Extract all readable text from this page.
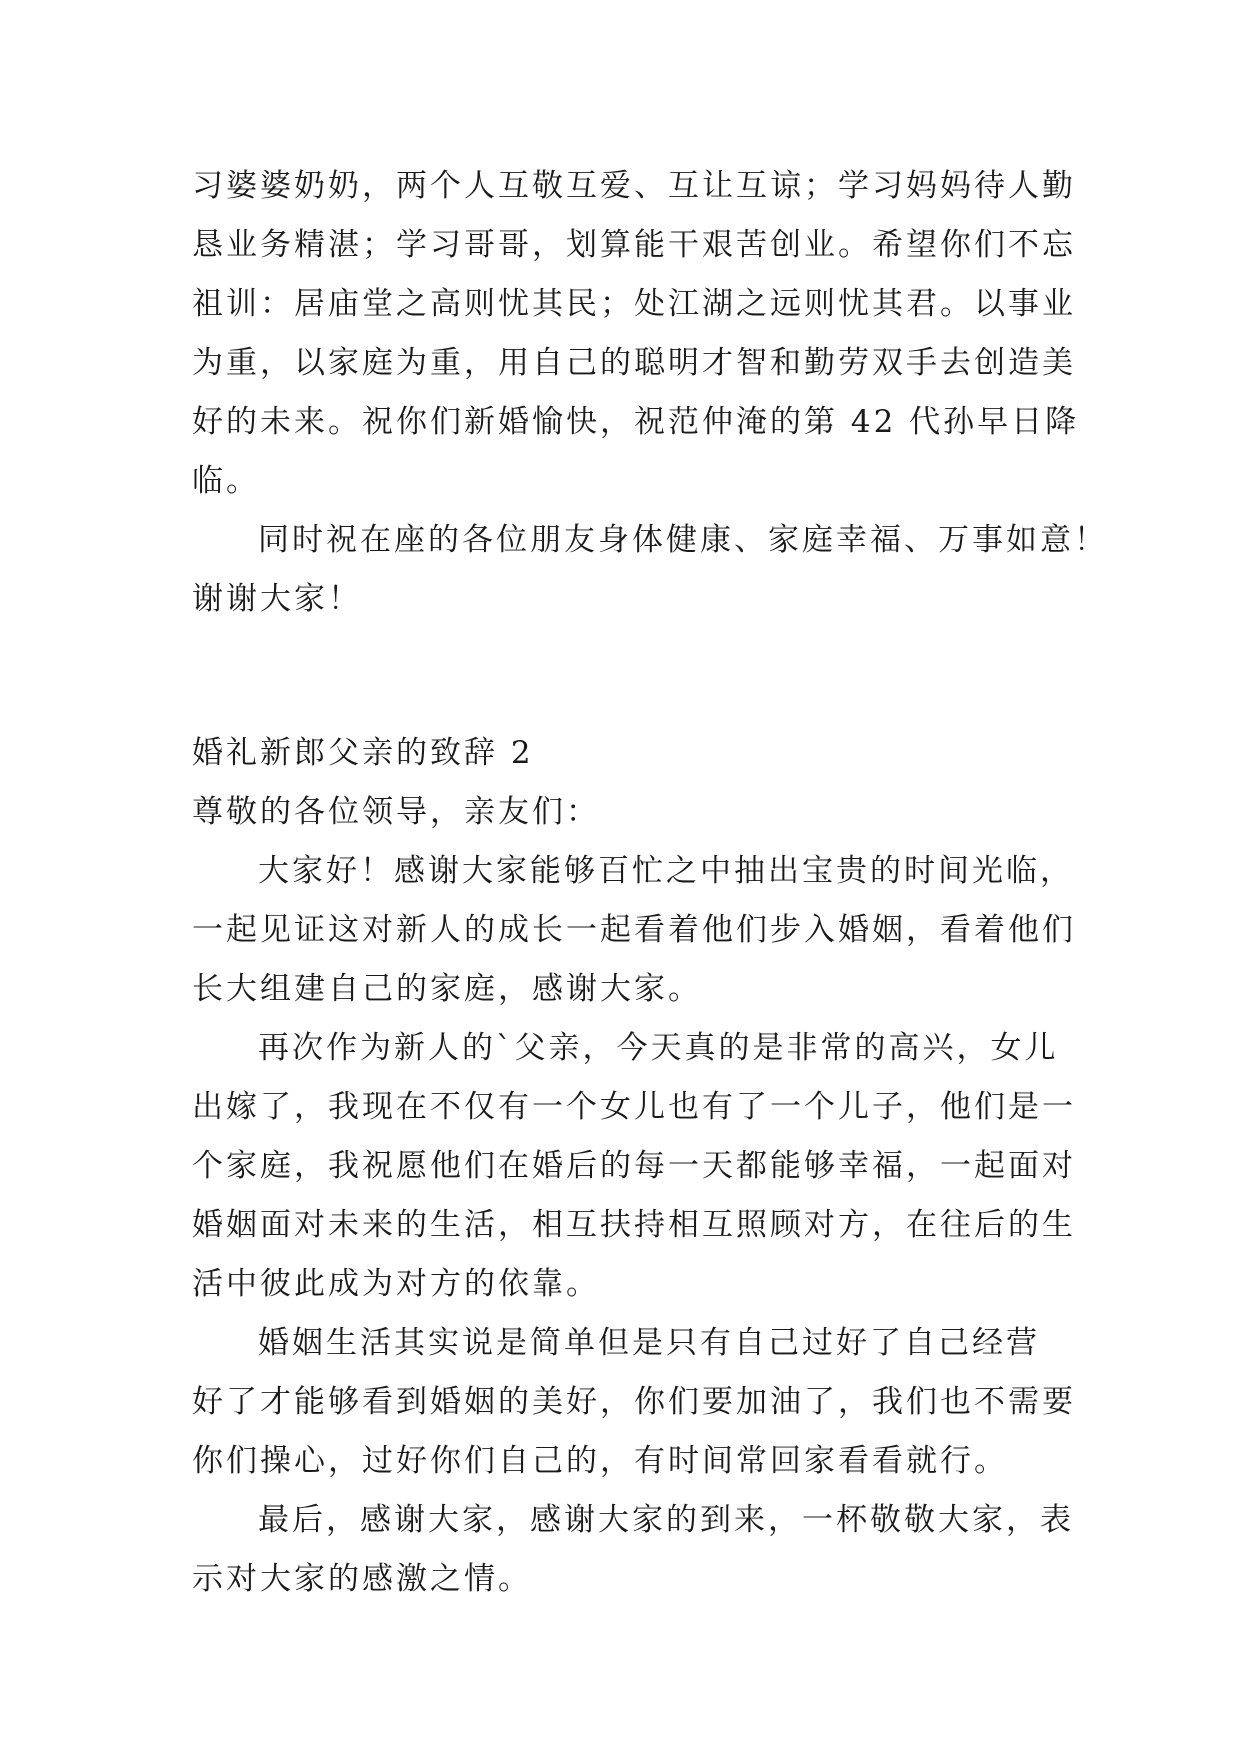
习婆婆奶奶，两个人互敬互爱、互让互谅；学习妈妈待人勤
恳业务精湛；学习哥哥，划算能干艰苦创业。希望你们不忘
祖训：居庙堂之高则忧其民；处江湖之远则忧其君。以事业
为重，以家庭为重，用自己的聪明才智和勤劳双手去创造美
好的未来。祝你们新婚愉快，祝范仲淹的第 42 代孙早日降
临。
同时祝在座的各位朋友身体健康、家庭幸福、万事如意！
谢谢大家！
婚礼新郎父亲的致辞 2
尊敬的各位领导，亲友们：
大家好！感谢大家能够百忙之中抽出宝贵的时间光临，
一起见证这对新人的成长一起看着他们步入婚姻，看着他们
长大组建自己的家庭，感谢大家。
再次作为新人的`父亲，今天真的是非常的高兴，女儿
出嫁了，我现在不仅有一个女儿也有了一个儿子，他们是一
个家庭，我祝愿他们在婚后的每一天都能够幸福，一起面对
婚姻面对未来的生活，相互扶持相互照顾对方，在往后的生
活中彼此成为对方的依靠。
婚姻生活其实说是简单但是只有自己过好了自己经营
好了才能够看到婚姻的美好，你们要加油了，我们也不需要
你们操心，过好你们自己的，有时间常回家看看就行。
最后，感谢大家，感谢大家的到来，一杯敬敬大家，表
示对大家的感激之情。
